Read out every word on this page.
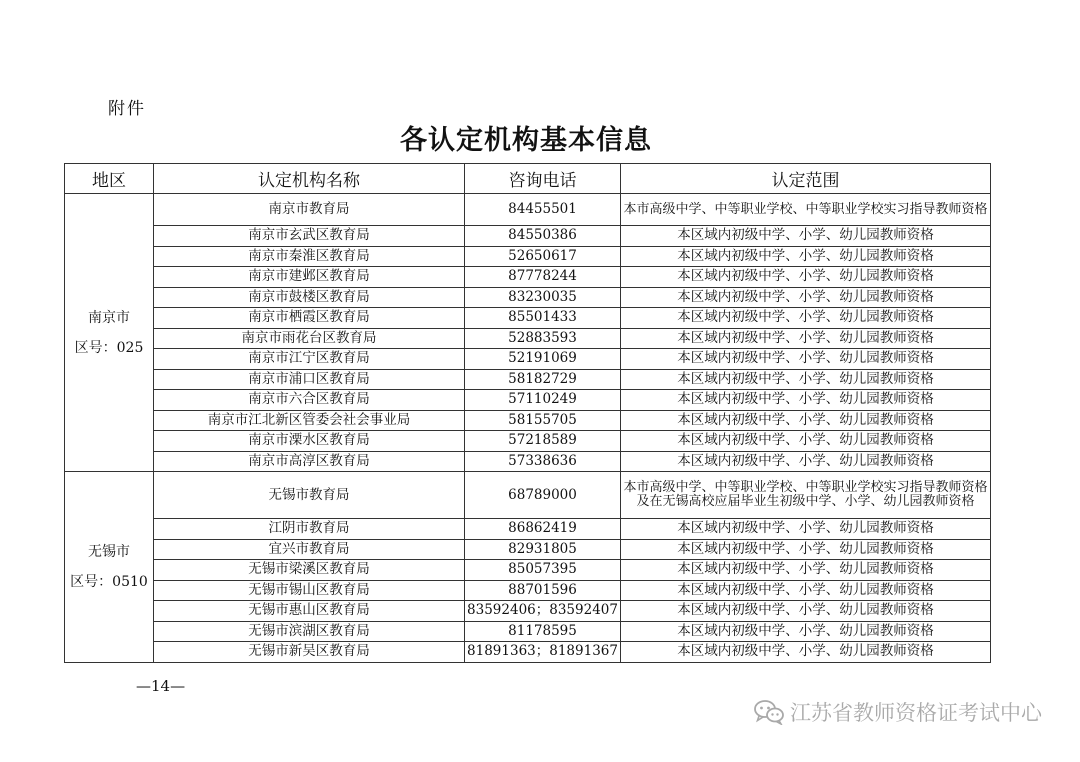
附件
各认定机构基本信息
地区	认定机构名称	咨询电话	认定范围

南京市
区号：025	南京市教育局	84455501	本市高级中学、中等职业学校、中等职业学校实习指导教师资格
	南京市玄武区教育局	84550386	本区域内初级中学、小学、幼儿园教师资格
	南京市秦淮区教育局	52650617	本区域内初级中学、小学、幼儿园教师资格
	南京市建邺区教育局	87778244	本区域内初级中学、小学、幼儿园教师资格
	南京市鼓楼区教育局	83230035	本区域内初级中学、小学、幼儿园教师资格
	南京市栖霞区教育局	85501433	本区域内初级中学、小学、幼儿园教师资格
	南京市雨花台区教育局	52883593	本区域内初级中学、小学、幼儿园教师资格
	南京市江宁区教育局	52191069	本区域内初级中学、小学、幼儿园教师资格
	南京市浦口区教育局	58182729	本区域内初级中学、小学、幼儿园教师资格
	南京市六合区教育局	57110249	本区域内初级中学、小学、幼儿园教师资格
	南京市江北新区管委会社会事业局	58155705	本区域内初级中学、小学、幼儿园教师资格
	南京市溧水区教育局	57218589	本区域内初级中学、小学、幼儿园教师资格
	南京市高淳区教育局	57338636	本区域内初级中学、小学、幼儿园教师资格

无锡市
区号：0510	无锡市教育局	68789000	本市高级中学、中等职业学校、中等职业学校实习指导教师资格及在无锡高校应届毕业生初级中学、小学、幼儿园教师资格
	江阴市教育局	86862419	本区域内初级中学、小学、幼儿园教师资格
	宜兴市教育局	82931805	本区域内初级中学、小学、幼儿园教师资格
	无锡市梁溪区教育局	85057395	本区域内初级中学、小学、幼儿园教师资格
	无锡市锡山区教育局	88701596	本区域内初级中学、小学、幼儿园教师资格
	无锡市惠山区教育局	83592406；83592407	本区域内初级中学、小学、幼儿园教师资格
	无锡市滨湖区教育局	81178595	本区域内初级中学、小学、幼儿园教师资格
	无锡市新吴区教育局	81891363；81891367	本区域内初级中学、小学、幼儿园教师资格
—14—
江苏省教师资格证考试中心
